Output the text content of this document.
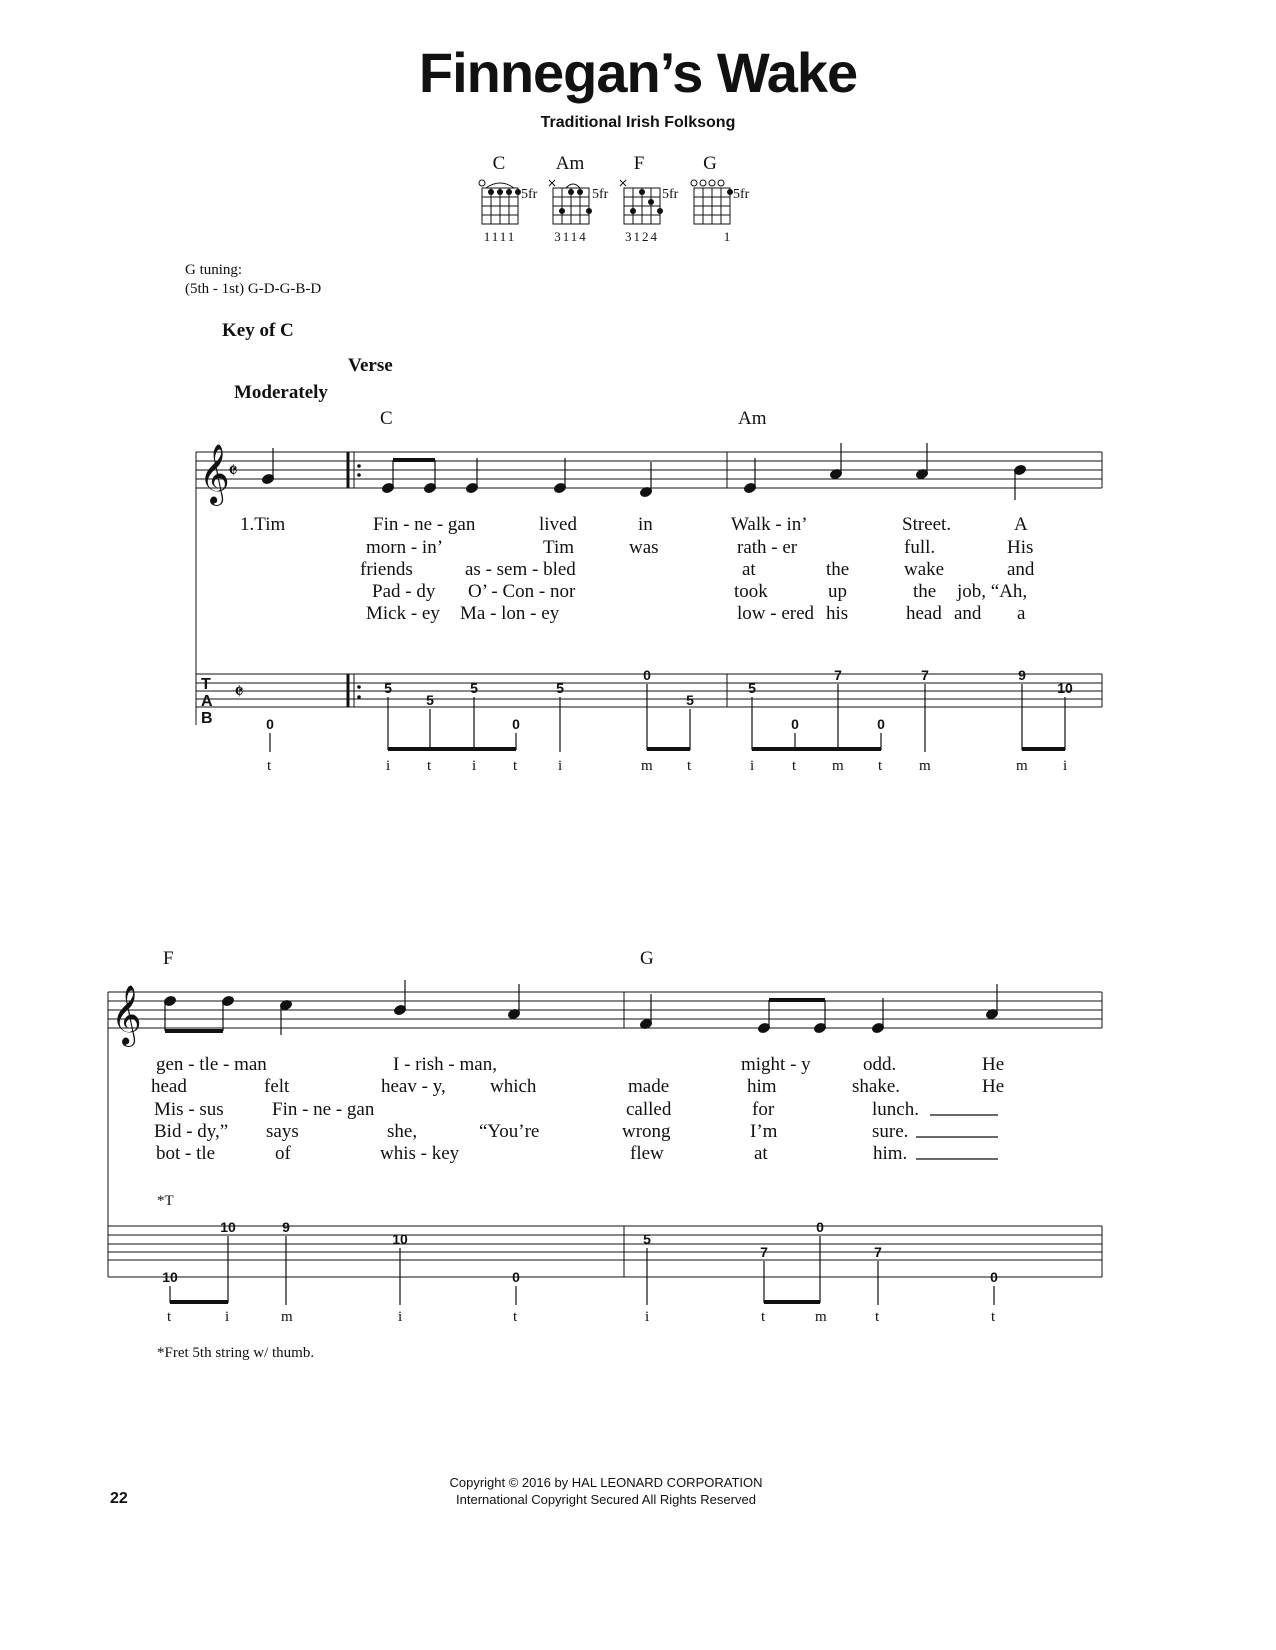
Finnegan’s Wake
Traditional Irish Folksong
C	Am	F	G
5fr	5fr	5fr	5fr
1111	3114	3124	1
G tuning:
(5th - 1st) G-D-G-B-D
Key of C
Verse
Moderately
𝄞
𝄵
T
A
B
𝄵
0
5
5
5
0
5
0
5
5
0
7
0
7	9
10
𝄞
10
10	9
10
0
5
7
0
7
0
C	Am
1.Tim	Fin - ne - gan	lived	in	Walk - in’	Street.	A
morn - in’	Tim	was	rath - er	full.	His
friends	as - sem - bled	at	the	wake	and
Pad - dy O’ - Con - nor	took	up	the job, “Ah,
Mick - ey Ma - lon - ey	low - ered his	head and a
t	i t	i t	i	m t	i	t m t m	m i
F	G
gen - tle - man	I - rish - man,	might - y	odd.	He
head	felt	heav - y, which	made	him	shake.	He
Mis - sus	Fin - ne - gan	called	for	lunch.
Bid - dy,” says	she,	“You’re	wrong	I’m	sure.
bot - tle	of	whis - key	flew	at	him.
*T
t	i	m	i	t	i	t	m	t	t
*Fret 5th string w/ thumb.
Copyright © 2016 by HAL LEONARD CORPORATION
International Copyright Secured All Rights Reserved
22
